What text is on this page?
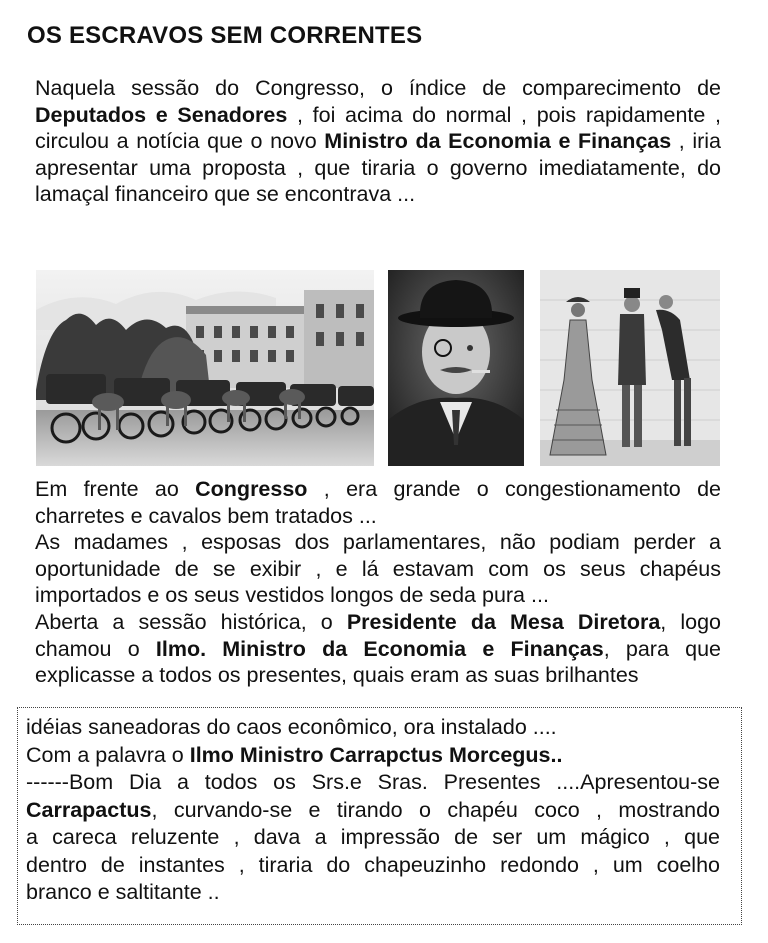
OS ESCRAVOS SEM CORRENTES
Naquela sessão do Congresso, o índice de comparecimento de Deputados e Senadores , foi acima do normal , pois rapidamente , circulou a notícia que o novo Ministro da Economia e Finanças , iria apresentar uma proposta , que tiraria o governo imediatamente, do lamaçal financeiro que se encontrava ...
Em frente ao Congresso , era grande o congestionamento de charretes e cavalos bem tratados ...
As madames , esposas dos parlamentares, não podiam perder a oportunidade de se exibir , e lá estavam com os seus chapéus importados e os seus vestidos longos de seda pura ...
Aberta a sessão histórica, o Presidente da Mesa Diretora, logo chamou o Ilmo. Ministro da Economia e Finanças, para que explicasse a todos os presentes, quais eram as suas brilhantes
idéias saneadoras do caos econômico, ora instalado ....
Com a palavra o Ilmo Ministro Carrapctus Morcegus..
------Bom Dia a todos os Srs.e Sras. Presentes ....Apresentou-se
Carrapactus, curvando-se e tirando o chapéu coco , mostrando
a careca reluzente , dava a impressão de ser um mágico , que
dentro de instantes , tiraria do chapeuzinho redondo , um coelho
branco e saltitante ..
